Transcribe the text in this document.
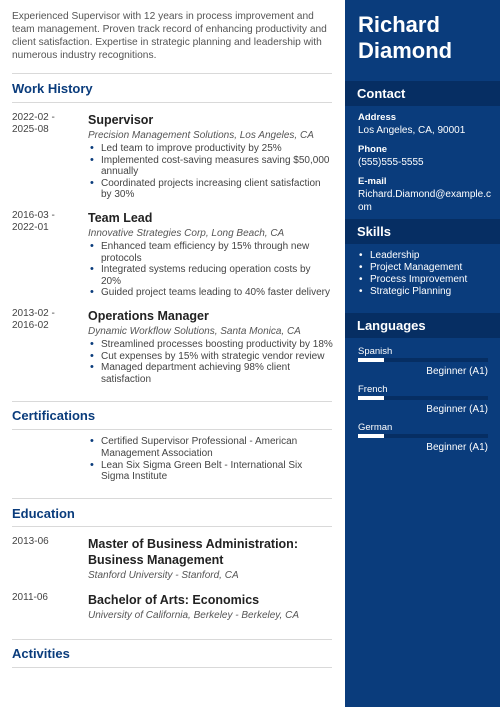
Experienced Supervisor with 12 years in process improvement and team management. Proven track record of enhancing productivity and client satisfaction. Expertise in strategic planning and leadership with numerous industry recognitions.

Work History
2022-02 -
2025-08
Supervisor
Precision Management Solutions, Los Angeles, CA
• Led team to improve productivity by 25%
• Implemented cost-saving measures saving $50,000 annually
• Coordinated projects increasing client satisfaction by 30%
2016-03 -
2022-01
Team Lead
Innovative Strategies Corp, Long Beach, CA
• Enhanced team efficiency by 15% through new protocols
• Integrated systems reducing operation costs by 20%
• Guided project teams leading to 40% faster delivery
2013-02 -
2016-02
Operations Manager
Dynamic Workflow Solutions, Santa Monica, CA
• Streamlined processes boosting productivity by 18%
• Cut expenses by 15% with strategic vendor review
• Managed department achieving 98% client satisfaction
Certifications
• Certified Supervisor Professional - American Management Association
• Lean Six Sigma Green Belt - International Six Sigma Institute
Education
2013-06	Master of Business Administration: Business Management
Stanford University - Stanford, CA
2011-06	Bachelor of Arts: Economics
University of California, Berkeley - Berkeley, CA
Activities
Richard Diamond
Contact
Address
Los Angeles, CA, 90001
Phone
(555)555-5555
E-mail
Richard.Diamond@example.com
Skills
• Leadership
• Project Management
• Process Improvement
• Strategic Planning
Languages
Spanish
Beginner (A1)
French
Beginner (A1)
German
Beginner (A1)
